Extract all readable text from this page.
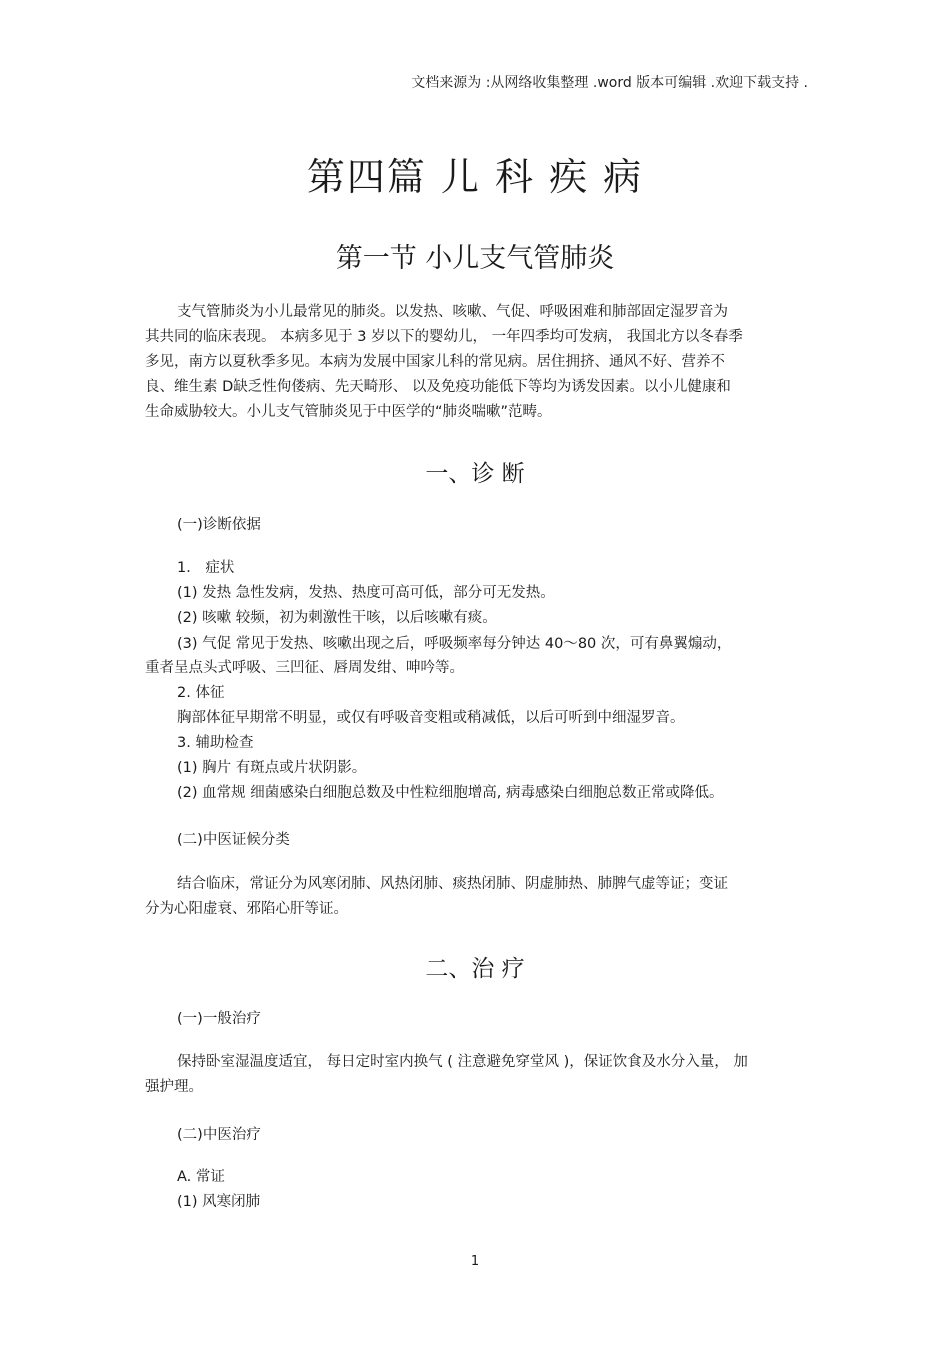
文档来源为 :从网络收集整理 .word 版本可编辑 .欢迎下载支持 .
第四篇 儿 科 疾 病
第一节 小儿支气管肺炎
支气管肺炎为小儿最常见的肺炎。以发热、咳嗽、气促、呼吸困难和肺部固定湿罗音为
其共同的临床表现。 本病多见于 3 岁以下的婴幼儿， 一年四季均可发病， 我国北方以冬春季
多见，南方以夏秋季多见。本病为发展中国家儿科的常见病。居住拥挤、通风不好、营养不
良、维生素 D缺乏性佝偻病、先天畸形、 以及免疫功能低下等均为诱发因素。以小儿健康和
生命威胁较大。小儿支气管肺炎见于中医学的“肺炎喘嗽”范畴。
一、诊 断
(一)诊断依据
1． 症状
(1) 发热 急性发病，发热、热度可高可低，部分可无发热。
(2) 咳嗽 较频，初为刺激性干咳，以后咳嗽有痰。
(3) 气促 常见于发热、咳嗽出现之后，呼吸频率每分钟达 40～80 次，可有鼻翼煽动，
重者呈点头式呼吸、三凹征、唇周发绀、呻吟等。
2. 体征
胸部体征早期常不明显，或仅有呼吸音变粗或稍减低，以后可听到中细湿罗音。
3. 辅助检查
(1) 胸片 有斑点或片状阴影。
(2) 血常规 细菌感染白细胞总数及中性粒细胞增高, 病毒感染白细胞总数正常或降低。
(二)中医证候分类
结合临床，常证分为风寒闭肺、风热闭肺、痰热闭肺、阴虚肺热、肺脾气虚等证；变证
分为心阳虚衰、邪陷心肝等证。
二、治 疗
(一)一般治疗
保持卧室湿温度适宜， 每日定时室内换气 ( 注意避免穿堂风 )，保证饮食及水分入量， 加
强护理。
(二)中医治疗
A. 常证
(1) 风寒闭肺
1
